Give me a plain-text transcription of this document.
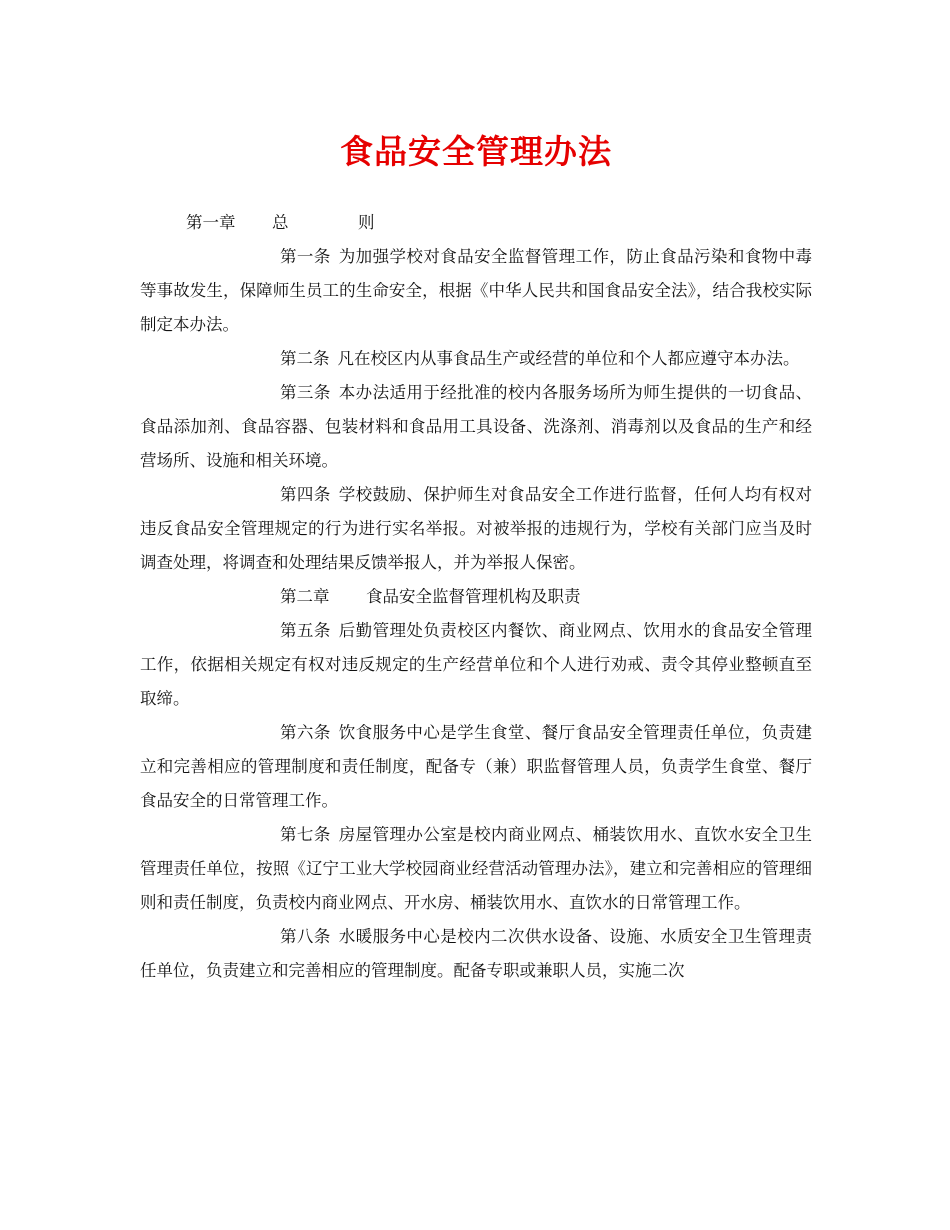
食品安全管理办法
第一章 总	则

第一条 为加强学校对食品安全监督管理工作，防止食品污染和食物中毒等事故发生，保障师生员工的生命安全，根据《中华人民共和国食品安全法》，结合我校实际制定本办法。

第二条 凡在校区内从事食品生产或经营的单位和个人都应遵守本办法。

第三条 本办法适用于经批准的校内各服务场所为师生提供的一切食品、食品添加剂、食品容器、包装材料和食品用工具设备、洗涤剂、消毒剂以及食品的生产和经营场所、设施和相关环境。

第四条 学校鼓励、保护师生对食品安全工作进行监督，任何人均有权对违反食品安全管理规定的行为进行实名举报。对被举报的违规行为，学校有关部门应当及时调查处理，将调查和处理结果反馈举报人，并为举报人保密。

第二章 食品安全监督管理机构及职责

第五条 后勤管理处负责校区内餐饮、商业网点、饮用水的食品安全管理工作，依据相关规定有权对违反规定的生产经营单位和个人进行劝戒、责令其停业整顿直至取缔。

第六条 饮食服务中心是学生食堂、餐厅食品安全管理责任单位，负责建立和完善相应的管理制度和责任制度，配备专（兼）职监督管理人员，负责学生食堂、餐厅食品安全的日常管理工作。

第七条 房屋管理办公室是校内商业网点、桶装饮用水、直饮水安全卫生管理责任单位，按照《辽宁工业大学校园商业经营活动管理办法》，建立和完善相应的管理细则和责任制度，负责校内商业网点、开水房、桶装饮用水、直饮水的日常管理工作。

第八条 水暖服务中心是校内二次供水设备、设施、水质安全卫生管理责任单位，负责建立和完善相应的管理制度。配备专职或兼职人员，实施二次
